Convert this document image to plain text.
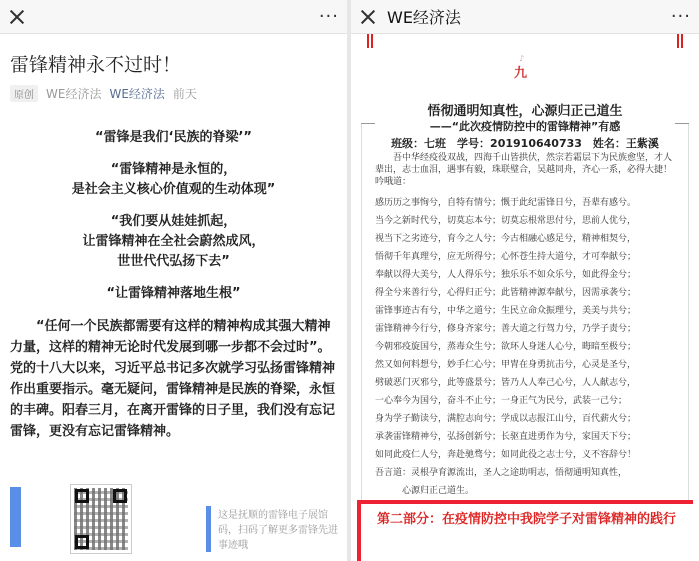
···
雷锋精神永不过时！
原创	WE经济法 WE经济法 前天
“雷锋是我们‘民族的脊梁’”
“雷锋精神是永恒的，
是社会主义核心价值观的生动体现”
“我们要从娃娃抓起，
让雷锋精神在全社会蔚然成风，
世世代代弘扬下去”
“让雷锋精神落地生根”
“任何一个民族都需要有这样的精神构成其强大精神力量，这样的精神无论时代发展到哪一步都不会过时”。党的十八大以来，习近平总书记多次就学习弘扬雷锋精神作出重要指示。毫无疑问，雷锋精神是民族的脊梁，永恒的丰碑。阳春三月，在离开雷锋的日子里，我们没有忘记雷锋，更没有忘记雷锋精神。
这是抚顺的雷锋电子展馆码，扫码了解更多雷锋先进事迹哦
WE经济法	···
♪
九
悟彻通明知真性，心源归正己道生
——“此次疫情防控中的雷锋精神”有感
班级：七班　学号：201910640733　姓名：王紫溪
吾中华经疫役双战，四海千山皆拱伏，然宗若霜层下为民族愈坚，才人辈出，志士血泪，遇事有毅，珠联璧合，吴越同舟，齐心一系，必得大捷！吟哦道：
感历历之事恂兮，自特有情兮；慨于此纪雷锋日兮，吾辈有感兮。
当今之新时代兮，切莫忘本兮；切莫忘根常思付兮，思前人优兮，
视当下之劣迹兮，育今之人兮；今古相融心感足兮，精神相契兮，
悟彻千年真理兮，应无所得兮；心怀苍生持大道兮，才可奉献兮；
奉献以得大美兮，人人得乐兮；独乐乐不如众乐兮，如此得金兮；
得全兮来善行兮，心得归正兮；此皆精神源奉献兮，因需承袭兮；
雷锋事迹古有兮，中华之道兮；生民立命众振理兮，美美与共兮；
雷锋精神今行兮，修身齐家兮；善大道之行驾力兮，乃学子责兮；
今朝邪疫旋国兮，蒸毒众生兮；欲环人身迷人心兮，晦暗至极兮；
然又如何料想兮，妙手仁心兮；甲胄在身勇抗击兮，心灵是圣兮，
劈破恶门灭邪兮，此等盛景兮；皆乃人人奉己心兮，人人献志兮，
一心奉今为国兮，奋斗不止兮；一身正气为民兮，武装一己兮；
身为学子勤读兮，满腔志向兮；学成以志报江山兮，百代薪火兮；
承袭雷锋精神兮，弘扬创新兮；长驱直进勇作为兮，家国天下兮；
如同此疫仁人兮，奔赴驰骛兮；如同此役之志士兮，义不容辞兮！
吾言道：灵根孕育源流出，圣人之途助明志，悟彻通明知真性，
　　　心源归正己道生。
第二部分：在疫情防控中我院学子对雷锋精神的践行
